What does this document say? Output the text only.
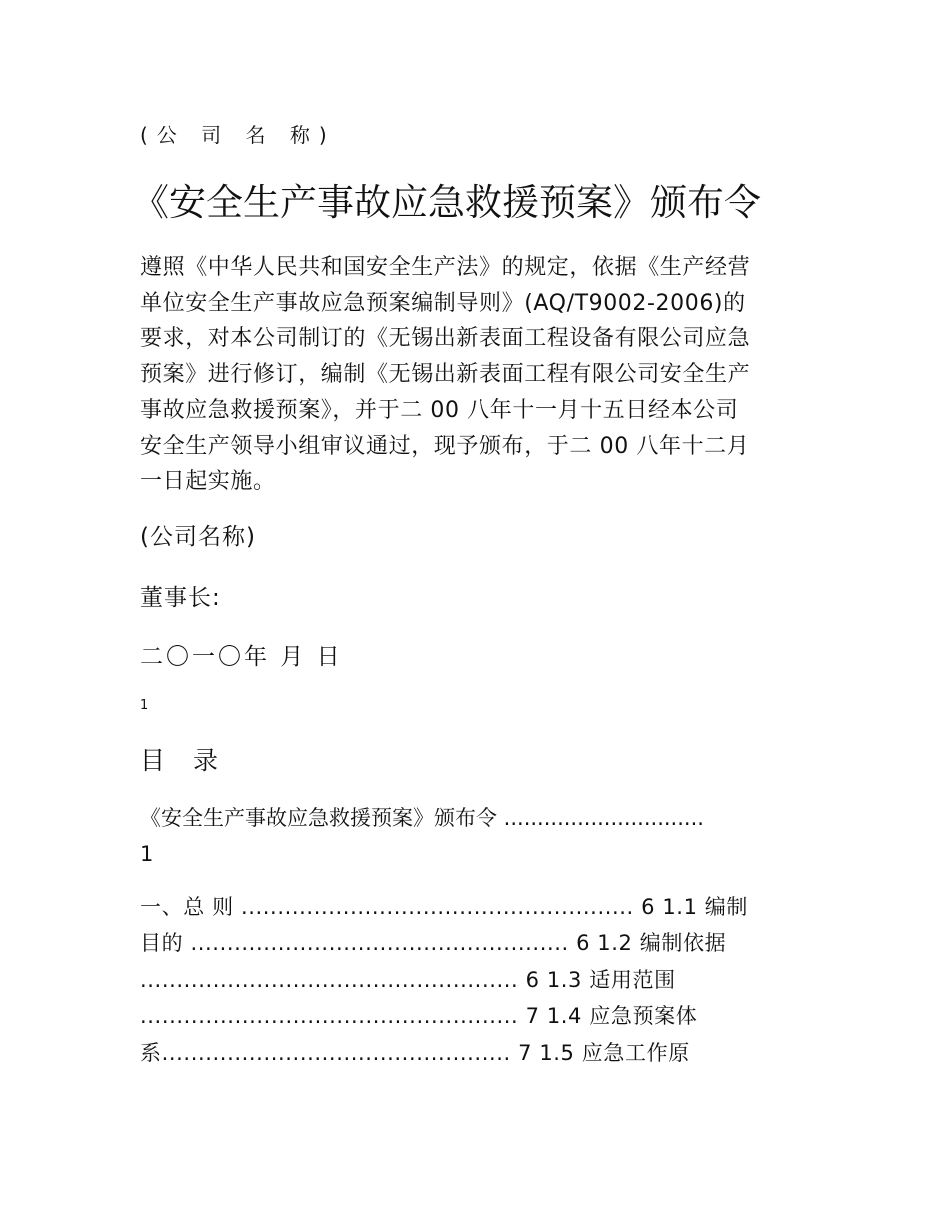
(公 司 名 称)

《安全生产事故应急救援预案》颁布令
遵照《中华人民共和国安全生产法》的规定，依据《生产经营
单位安全生产事故应急预案编制导则》(AQ/T9002-2006)的
要求，对本公司制订的《无锡出新表面工程设备有限公司应急
预案》进行修订，编制《无锡出新表面工程有限公司安全生产
事故应急救援预案》，并于二 00 八年十一月十五日经本公司
安全生产领导小组审议通过，现予颁布，于二 00 八年十二月
一日起实施。

(公司名称)

董事长:

二〇一〇年 月 日

1

目 录
《安全生产事故应急救援预案》颁布令 ..............................
1
一、总 则 ...................................................... 6 1.1 编制
目的 .................................................... 6 1.2 编制依据
.................................................... 6 1.3 适用范围
.................................................... 7 1.4 应急预案体
系................................................ 7 1.5 应急工作原
